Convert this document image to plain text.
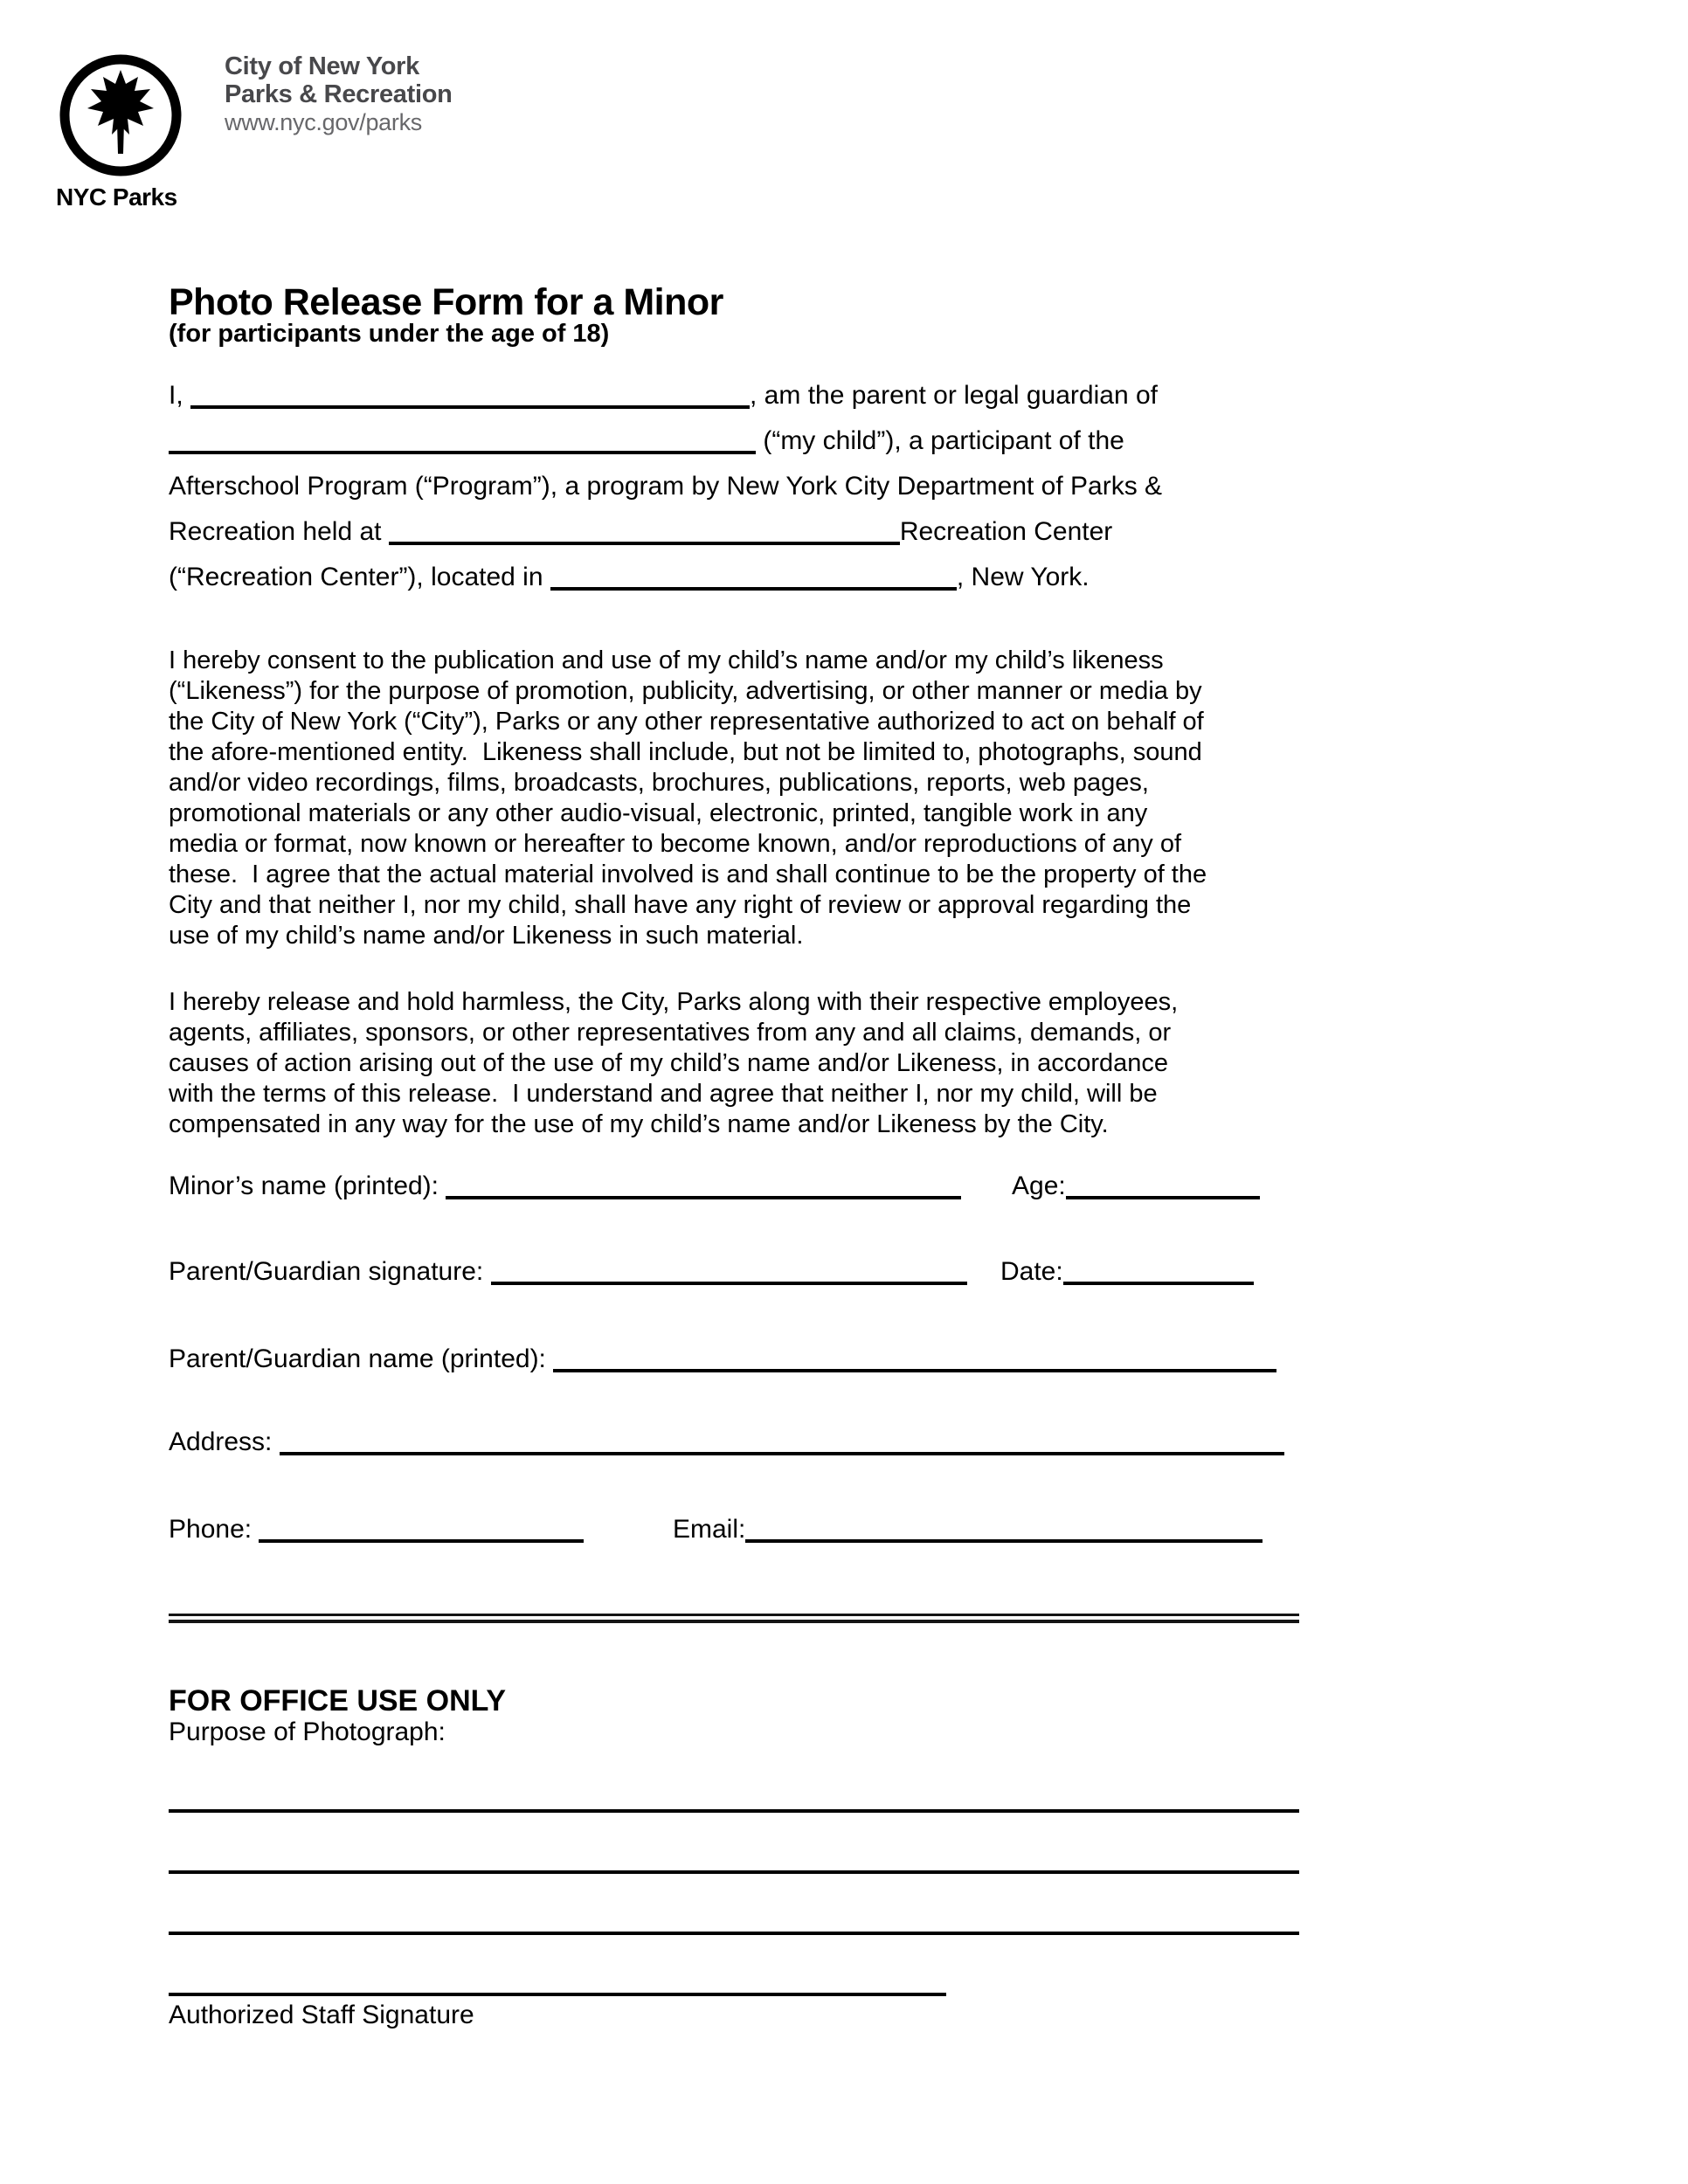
NYC Parks
City of New York
Parks & Recreation
www.nyc.gov/parks
Photo Release Form for a Minor
(for participants under the age of 18)
I,	, am the parent or legal guardian of
(“my child”), a participant of the
Afterschool Program (“Program”), a program by New York City Department of Parks &
Recreation held at	Recreation Center
(“Recreation Center”), located in	, New York.
I hereby consent to the publication and use of my child’s name and/or my child’s likeness
(“Likeness”) for the purpose of promotion, publicity, advertising, or other manner or media by
the City of New York (“City”), Parks or any other representative authorized to act on behalf of
the afore-mentioned entity.  Likeness shall include, but not be limited to, photographs, sound
and/or video recordings, films, broadcasts, brochures, publications, reports, web pages,
promotional materials or any other audio-visual, electronic, printed, tangible work in any
media or format, now known or hereafter to become known, and/or reproductions of any of
these.  I agree that the actual material involved is and shall continue to be the property of the
City and that neither I, nor my child, shall have any right of review or approval regarding the
use of my child’s name and/or Likeness in such material.
I hereby release and hold harmless, the City, Parks along with their respective employees,
agents, affiliates, sponsors, or other representatives from any and all claims, demands, or
causes of action arising out of the use of my child’s name and/or Likeness, in accordance
with the terms of this release.  I understand and agree that neither I, nor my child, will be
compensated in any way for the use of my child’s name and/or Likeness by the City.
Minor’s name (printed):	Age:
Parent/Guardian signature:	Date:
Parent/Guardian name (printed):
Address:
Phone:	Email:
FOR OFFICE USE ONLY
Purpose of Photograph:
Authorized Staff Signature
